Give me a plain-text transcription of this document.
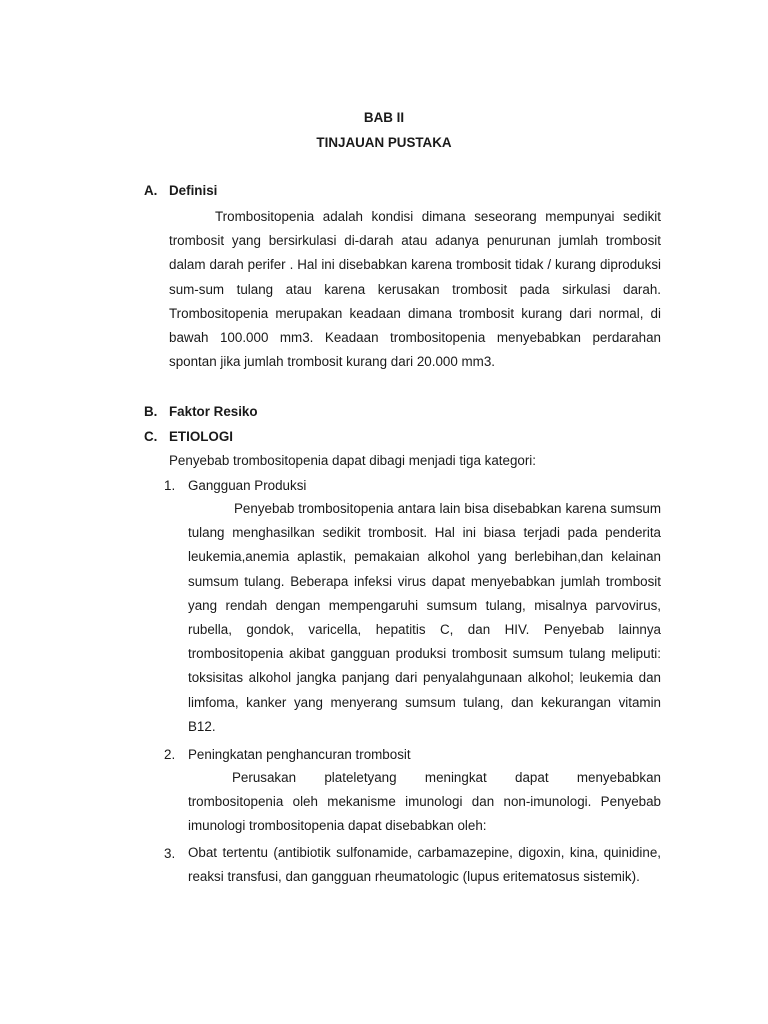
BAB II
TINJAUAN PUSTAKA
A. Definisi

Trombositopenia adalah kondisi dimana seseorang mempunyai sedikit trombosit yang bersirkulasi di-darah atau adanya penurunan jumlah trombosit dalam darah perifer . Hal ini disebabkan karena trombosit tidak / kurang diproduksi sum-sum tulang atau karena kerusakan trombosit pada sirkulasi darah. Trombositopenia merupakan keadaan dimana trombosit kurang dari normal, di bawah 100.000 mm3. Keadaan trombositopenia menyebabkan perdarahan spontan jika jumlah trombosit kurang dari 20.000 mm3.

B. Faktor Resiko
C. ETIOLOGI
Penyebab trombositopenia dapat dibagi menjadi tiga kategori:
1. Gangguan Produksi

Penyebab trombositopenia antara lain bisa disebabkan karena sumsum tulang menghasilkan sedikit trombosit. Hal ini biasa terjadi pada penderita leukemia,anemia aplastik, pemakaian alkohol yang berlebihan,dan kelainan sumsum tulang. Beberapa infeksi virus dapat menyebabkan jumlah trombosit yang rendah dengan mempengaruhi sumsum tulang, misalnya parvovirus, rubella, gondok, varicella, hepatitis C, dan HIV. Penyebab lainnya trombositopenia akibat gangguan produksi trombosit sumsum tulang meliputi: toksisitas alkohol jangka panjang dari penyalahgunaan alkohol; leukemia dan limfoma, kanker yang menyerang sumsum tulang, dan kekurangan vitamin B12.

2. Peningkatan penghancuran trombosit

Perusakan plateletyang meningkat dapat menyebabkan trombositopenia oleh mekanisme imunologi dan non-imunologi. Penyebab imunologi trombositopenia dapat disebabkan oleh:

3. Obat tertentu (antibiotik sulfonamide, carbamazepine, digoxin, kina, quinidine, reaksi transfusi, dan gangguan rheumatologic (lupus eritematosus sistemik).
